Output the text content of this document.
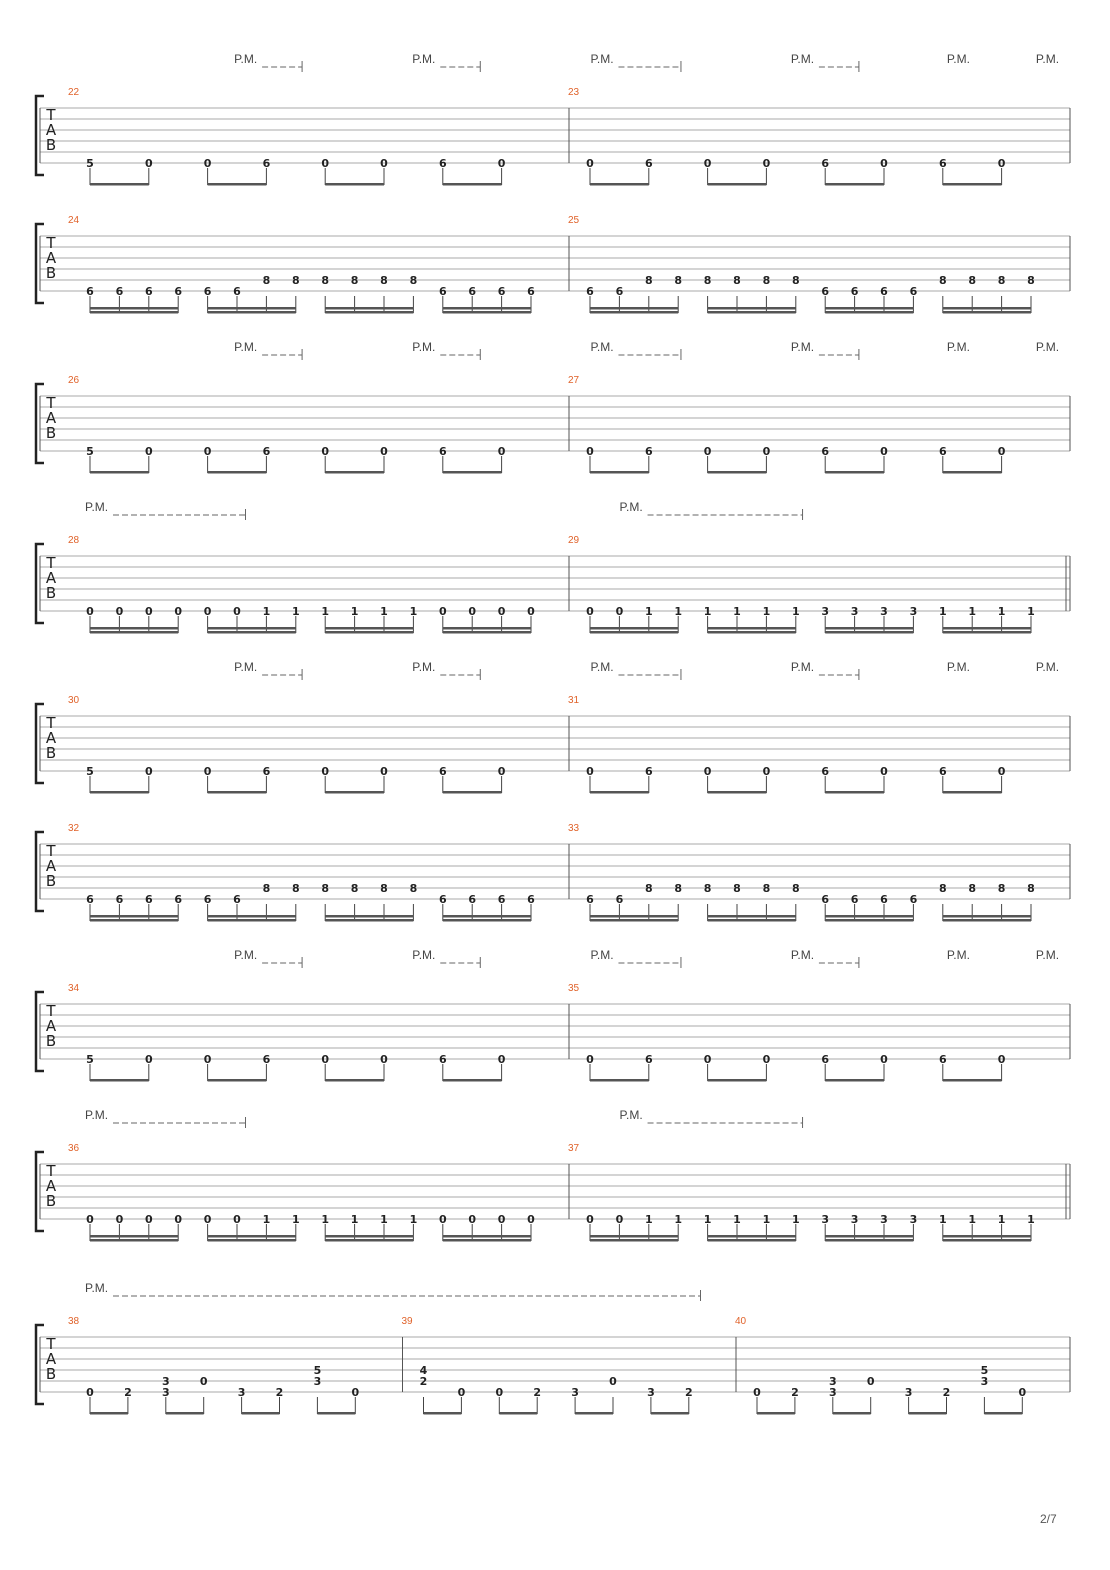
T
A
B
22
5	0	0	6	0	0	6	0
23
0	6	0	0	6	0	6	0
P.M.	P.M.	P.M.	P.M.	P.M.	P.M.
T
A
B
24
6 6 6 6 6 6
8 8 8 8 8 8
6 6 6 6
25
6 6
8 8 8 8 8 8
6 6 6 6
8 8 8 8
T
A
B
26
5	0	0	6	0	0	6	0
27
0	6	0	0	6	0	6	0
P.M.	P.M.	P.M.	P.M.	P.M.	P.M.
T
A
B
28
0 0 0 0 0 0 1 1 1 1 1 1 0 0 0 0
29
0 0 1 1 1 1 1 1 3 3 3 3 1 1 1 1
P.M.	P.M.
T
A
B
30
5	0	0	6	0	0	6	0
31
0	6	0	0	6	0	6	0
P.M.	P.M.	P.M.	P.M.	P.M.	P.M.
T
A
B
32
6 6 6 6 6 6
8 8 8 8 8 8
6 6 6 6
33
6 6
8 8 8 8 8 8
6 6 6 6
8 8 8 8
T
A
B
34
5	0	0	6	0	0	6	0
35
0	6	0	0	6	0	6	0
P.M.	P.M.	P.M.	P.M.	P.M.	P.M.
T
A
B
36
0 0 0 0 0 0 1 1 1 1 1 1 0 0 0 0
37
0 0 1 1 1 1 1 1 3 3 3 3 1 1 1 1
P.M.	P.M.
T
A
B
38
0	2	3
3	0
3	2
3
5
0
39
2
4
0	0	2	3
0
3	2
40
0	2	3
3	0
3	2
3
5
0
P.M.
2/7
